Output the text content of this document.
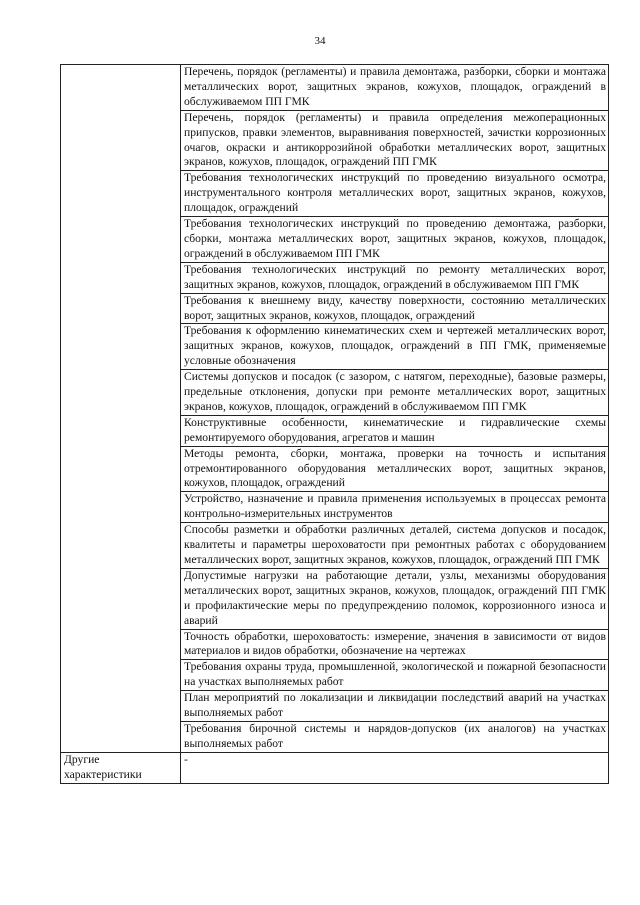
34

	Перечень, порядок (регламенты) и правила демонтажа, разборки, сборки и монтажа металлических ворот, защитных экранов, кожухов, площадок, ограждений в обслуживаемом ПП ГМК

	Перечень, порядок (регламенты) и правила определения межоперационных припусков, правки элементов, выравнивания поверхностей, зачистки коррозионных очагов, окраски и антикоррозийной обработки металлических ворот, защитных экранов, кожухов, площадок, ограждений ПП ГМК

	Требования технологических инструкций по проведению визуального осмотра, инструментального контроля металлических ворот, защитных экранов, кожухов, площадок, ограждений

	Требования технологических инструкций по проведению демонтажа, разборки, сборки, монтажа металлических ворот, защитных экранов, кожухов, площадок, ограждений в обслуживаемом ПП ГМК

	Требования технологических инструкций по ремонту металлических ворот, защитных экранов, кожухов, площадок, ограждений в обслуживаемом ПП ГМК

	Требования к внешнему виду, качеству поверхности, состоянию металлических ворот, защитных экранов, кожухов, площадок, ограждений

	Требования к оформлению кинематических схем и чертежей металлических ворот, защитных экранов, кожухов, площадок, ограждений в ПП ГМК, применяемые условные обозначения

	Системы допусков и посадок (с зазором, с натягом, переходные), базовые размеры, предельные отклонения, допуски при ремонте металлических ворот, защитных экранов, кожухов, площадок, ограждений в обслуживаемом ПП ГМК

	Конструктивные особенности, кинематические и гидравлические схемы ремонтируемого оборудования, агрегатов и машин

	Методы ремонта, сборки, монтажа, проверки на точность и испытания отремонтированного оборудования металлических ворот, защитных экранов, кожухов, площадок, ограждений

	Устройство, назначение и правила применения используемых в процессах ремонта контрольно-измерительных инструментов

	Способы разметки и обработки различных деталей, система допусков и посадок, квалитеты и параметры шероховатости при ремонтных работах с оборудованием металлических ворот, защитных экранов, кожухов, площадок, ограждений ПП ГМК

	Допустимые нагрузки на работающие детали, узлы, механизмы оборудования металлических ворот, защитных экранов, кожухов, площадок, ограждений ПП ГМК и профилактические меры по предупреждению поломок, коррозионного износа и аварий

	Точность обработки, шероховатость: измерение, значения в зависимости от видов материалов и видов обработки, обозначение на чертежах

	Требования охраны труда, промышленной, экологической и пожарной безопасности на участках выполняемых работ

	План мероприятий по локализации и ликвидации последствий аварий на участках выполняемых работ

	Требования бирочной системы и нарядов-допусков (их аналогов) на участках выполняемых работ

Другие характеристики	-
